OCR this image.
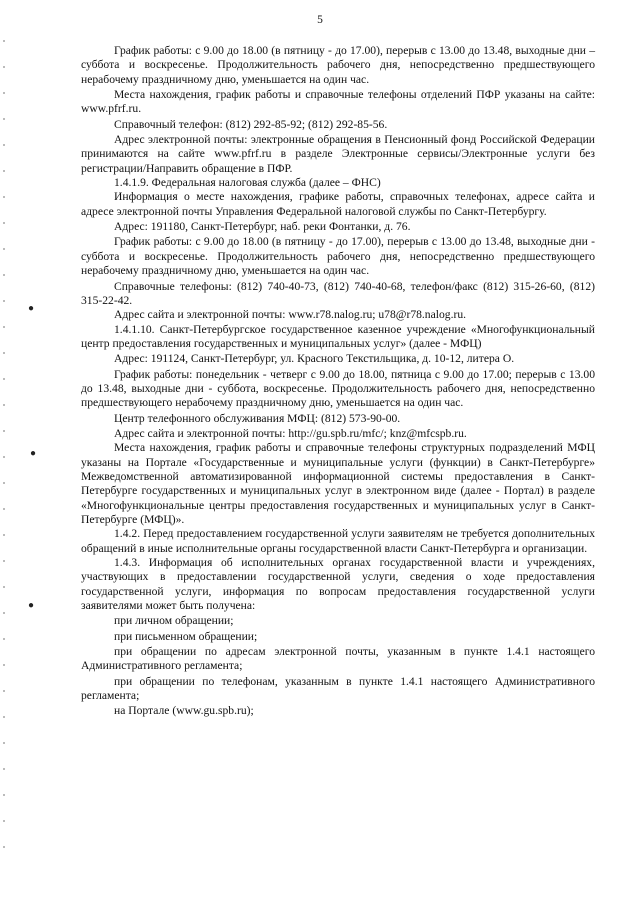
●
●
●
5

График работы: с 9.00 до 18.00 (в пятницу - до 17.00), перерыв с 13.00 до 13.48, выходные дни – суббота и воскресенье. Продолжительность рабочего дня, непосредственно предшествующего нерабочему праздничному дню, уменьшается на один час.

Места нахождения, график работы и справочные телефоны отделений ПФР указаны на сайте: www.pfrf.ru.

Справочный телефон: (812) 292-85-92; (812) 292-85-56.

Адрес электронной почты: электронные обращения в Пенсионный фонд Российской Федерации принимаются на сайте www.pfrf.ru в разделе Электронные сервисы/Электронные услуги без регистрации/Направить обращение в ПФР.

1.4.1.9. Федеральная налоговая служба (далее – ФНС)

Информация о месте нахождения, графике работы, справочных телефонах, адресе сайта и адресе электронной почты Управления Федеральной налоговой службы по Санкт-Петербургу.

Адрес: 191180, Санкт-Петербург, наб. реки Фонтанки, д. 76.

График работы: с 9.00 до 18.00 (в пятницу - до 17.00), перерыв с 13.00 до 13.48, выходные дни - суббота и воскресенье. Продолжительность рабочего дня, непосредственно предшествующего нерабочему праздничному дню, уменьшается на один час.

Справочные телефоны: (812) 740-40-73, (812) 740-40-68, телефон/факс (812) 315-26-60, (812) 315-22-42.

Адрес сайта и электронной почты: www.r78.nalog.ru; u78@r78.nalog.ru.

1.4.1.10. Санкт-Петербургское государственное казенное учреждение «Многофункциональный центр предоставления государственных и муниципальных услуг» (далее - МФЦ)

Адрес: 191124, Санкт-Петербург, ул. Красного Текстильщика, д. 10-12, литера О.

График работы: понедельник - четверг с 9.00 до 18.00, пятница с 9.00 до 17.00; перерыв с 13.00 до 13.48, выходные дни - суббота, воскресенье. Продолжительность рабочего дня, непосредственно предшествующего нерабочему праздничному дню, уменьшается на один час.

Центр телефонного обслуживания МФЦ: (812) 573-90-00.

Адрес сайта и электронной почты: http://gu.spb.ru/mfc/; knz@mfcspb.ru.

Места нахождения, график работы и справочные телефоны структурных подразделений МФЦ указаны на Портале «Государственные и муниципальные услуги (функции) в Санкт-Петербурге» Межведомственной автоматизированной информационной системы предоставления в Санкт-Петербурге государственных и муниципальных услуг в электронном виде (далее - Портал) в разделе «Многофункциональные центры предоставления государственных и муниципальных услуг в Санкт-Петербурге (МФЦ)».

1.4.2. Перед предоставлением государственной услуги заявителям не требуется дополнительных обращений в иные исполнительные органы государственной власти Санкт-Петербурга и организации.

1.4.3. Информация об исполнительных органах государственной власти и учреждениях, участвующих в предоставлении государственной услуги, сведения о ходе предоставления государственной услуги, информация по вопросам предоставления государственной услуги заявителями может быть получена:

при личном обращении;

при письменном обращении;

при обращении по адресам электронной почты, указанным в пункте 1.4.1 настоящего Административного регламента;

при обращении по телефонам, указанным в пункте 1.4.1 настоящего Административного регламента;

на Портале (www.gu.spb.ru);
